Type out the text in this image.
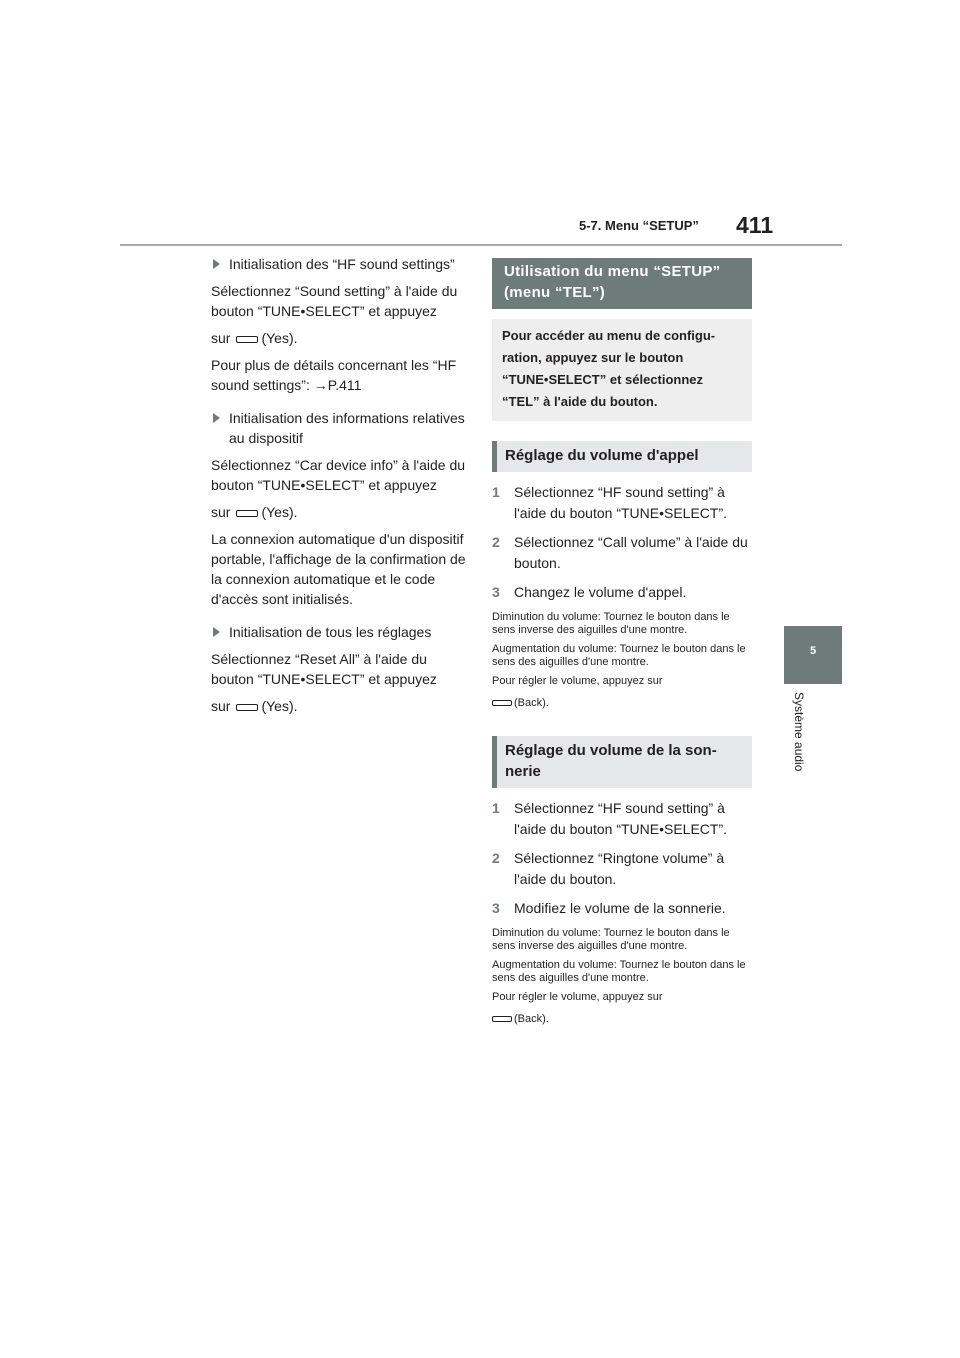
5-7. Menu “SETUP” 411
5
Système audio
Initialisation des “HF sound settings”

Sélectionnez “Sound setting” à l'aide du bouton “TUNE•SELECT” et appuyez

sur (Yes).

Pour plus de détails concernant les “HF sound settings”: →P.411

Initialisation des informations relatives au dispositif

Sélectionnez “Car device info” à l'aide du bouton “TUNE•SELECT” et appuyez

sur (Yes).

La connexion automatique d'un dispositif portable, l'affichage de la confirmation de la connexion automatique et le code d'accès sont initialisés.

Initialisation de tous les réglages

Sélectionnez “Reset All” à l'aide du bouton “TUNE•SELECT” et appuyez

sur (Yes).

Utilisation du menu “SETUP” (menu “TEL”)
Pour accéder au menu de configuration, appuyez sur le bouton “TUNE•SELECT” et sélectionnez “TEL” à l'aide du bouton.
Réglage du volume d'appel
1 Sélectionnez “HF sound setting” à l'aide du bouton “TUNE•SELECT”.
2 Sélectionnez “Call volume” à l'aide du bouton.
3 Changez le volume d'appel.

Diminution du volume: Tournez le bouton dans le sens inverse des aiguilles d'une montre.

Augmentation du volume: Tournez le bouton dans le sens des aiguilles d'une montre.

Pour régler le volume, appuyez sur

(Back).

Réglage du volume de la sonnerie
1 Sélectionnez “HF sound setting” à l'aide du bouton “TUNE•SELECT”.
2 Sélectionnez “Ringtone volume” à l'aide du bouton.
3 Modifiez le volume de la sonnerie.

Diminution du volume: Tournez le bouton dans le sens inverse des aiguilles d'une montre.

Augmentation du volume: Tournez le bouton dans le sens des aiguilles d'une montre.

Pour régler le volume, appuyez sur

(Back).
